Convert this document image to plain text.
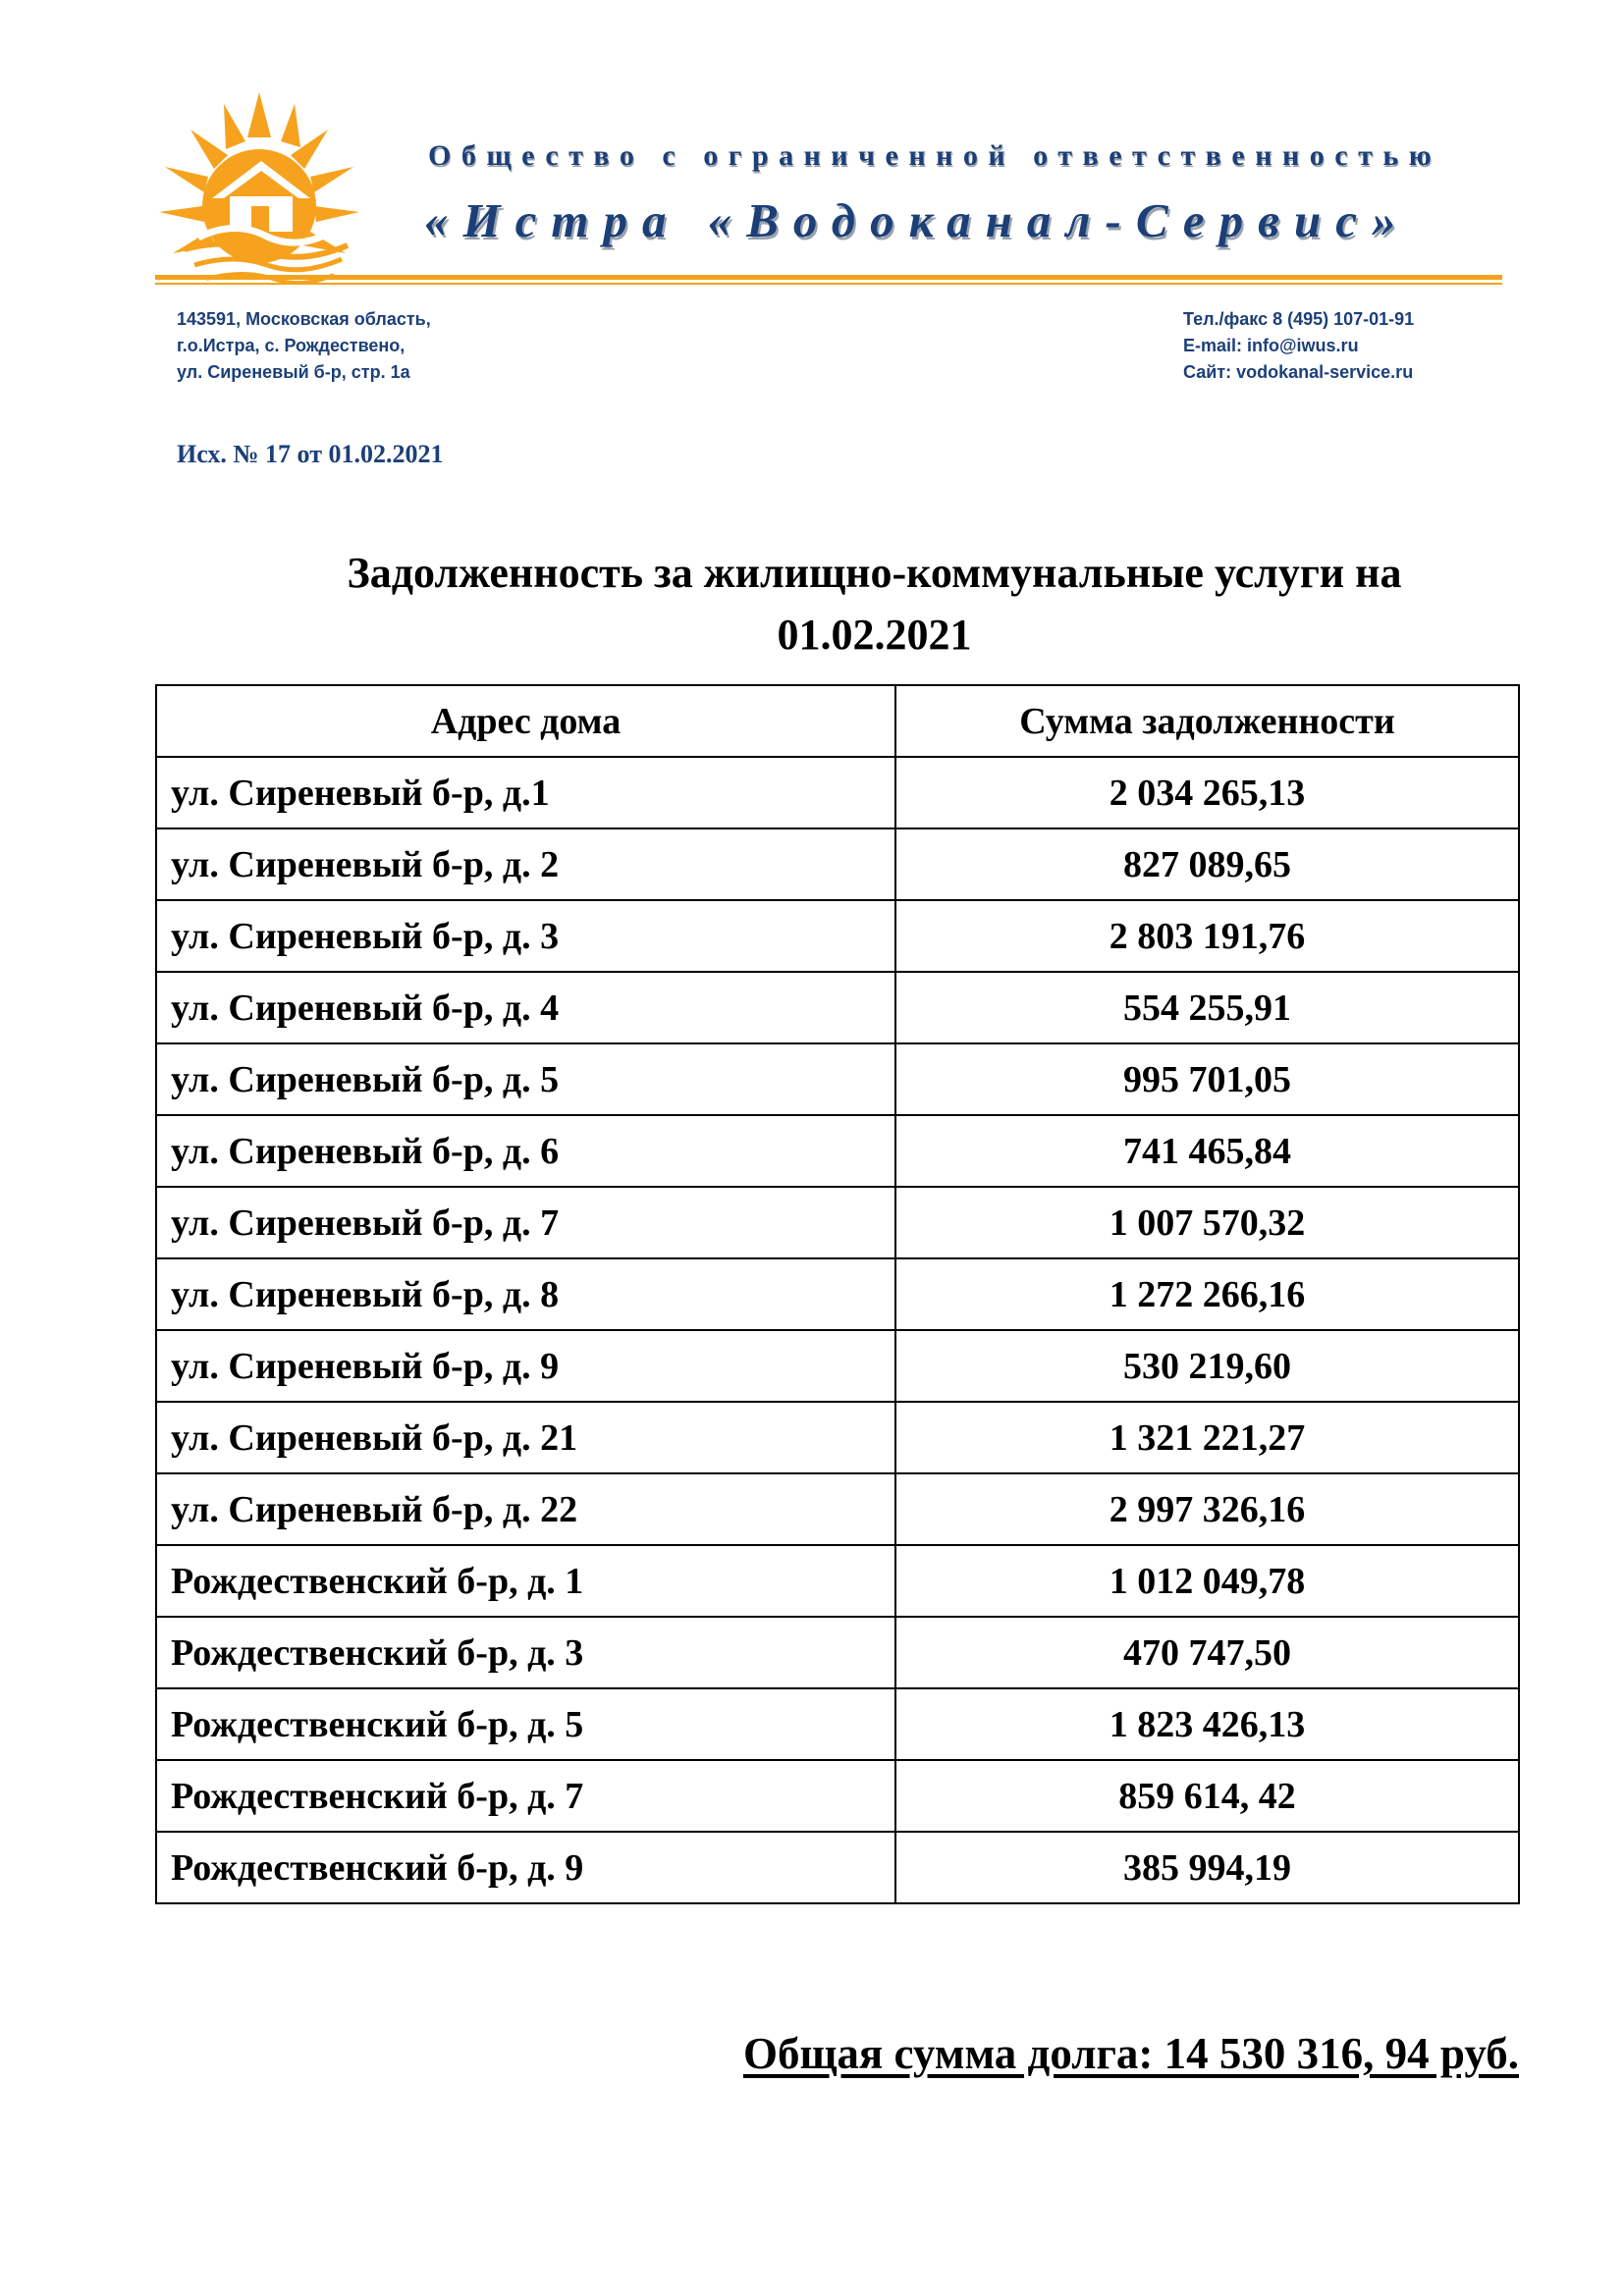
Общество с ограниченной ответственностью
«Истра «Водоканал-Сервис»
143591, Московская область,
г.о.Истра, с. Рождествено,
ул. Сиреневый б-р, стр. 1а
Тел./факс 8 (495) 107-01-91
E-mail: info@iwus.ru
Сайт: vodokanal-service.ru
Исх. № 17 от 01.02.2021
Задолженность за жилищно-коммунальные услуги на
01.02.2021
Адрес дома	Сумма задолженности
ул. Сиреневый б-р, д.1	2 034 265,13
ул. Сиреневый б-р, д. 2	827 089,65
ул. Сиреневый б-р, д. 3	2 803 191,76
ул. Сиреневый б-р, д. 4	554 255,91
ул. Сиреневый б-р, д. 5	995 701,05
ул. Сиреневый б-р, д. 6	741 465,84
ул. Сиреневый б-р, д. 7	1 007 570,32
ул. Сиреневый б-р, д. 8	1 272 266,16
ул. Сиреневый б-р, д. 9	530 219,60
ул. Сиреневый б-р, д. 21	1 321 221,27
ул. Сиреневый б-р, д. 22	2 997 326,16
Рождественский б-р, д. 1	1 012 049,78
Рождественский б-р, д. 3	470 747,50
Рождественский б-р, д. 5	1 823 426,13
Рождественский б-р, д. 7	859 614, 42
Рождественский б-р, д. 9	385 994,19
Общая сумма долга: 14 530 316, 94 руб.
